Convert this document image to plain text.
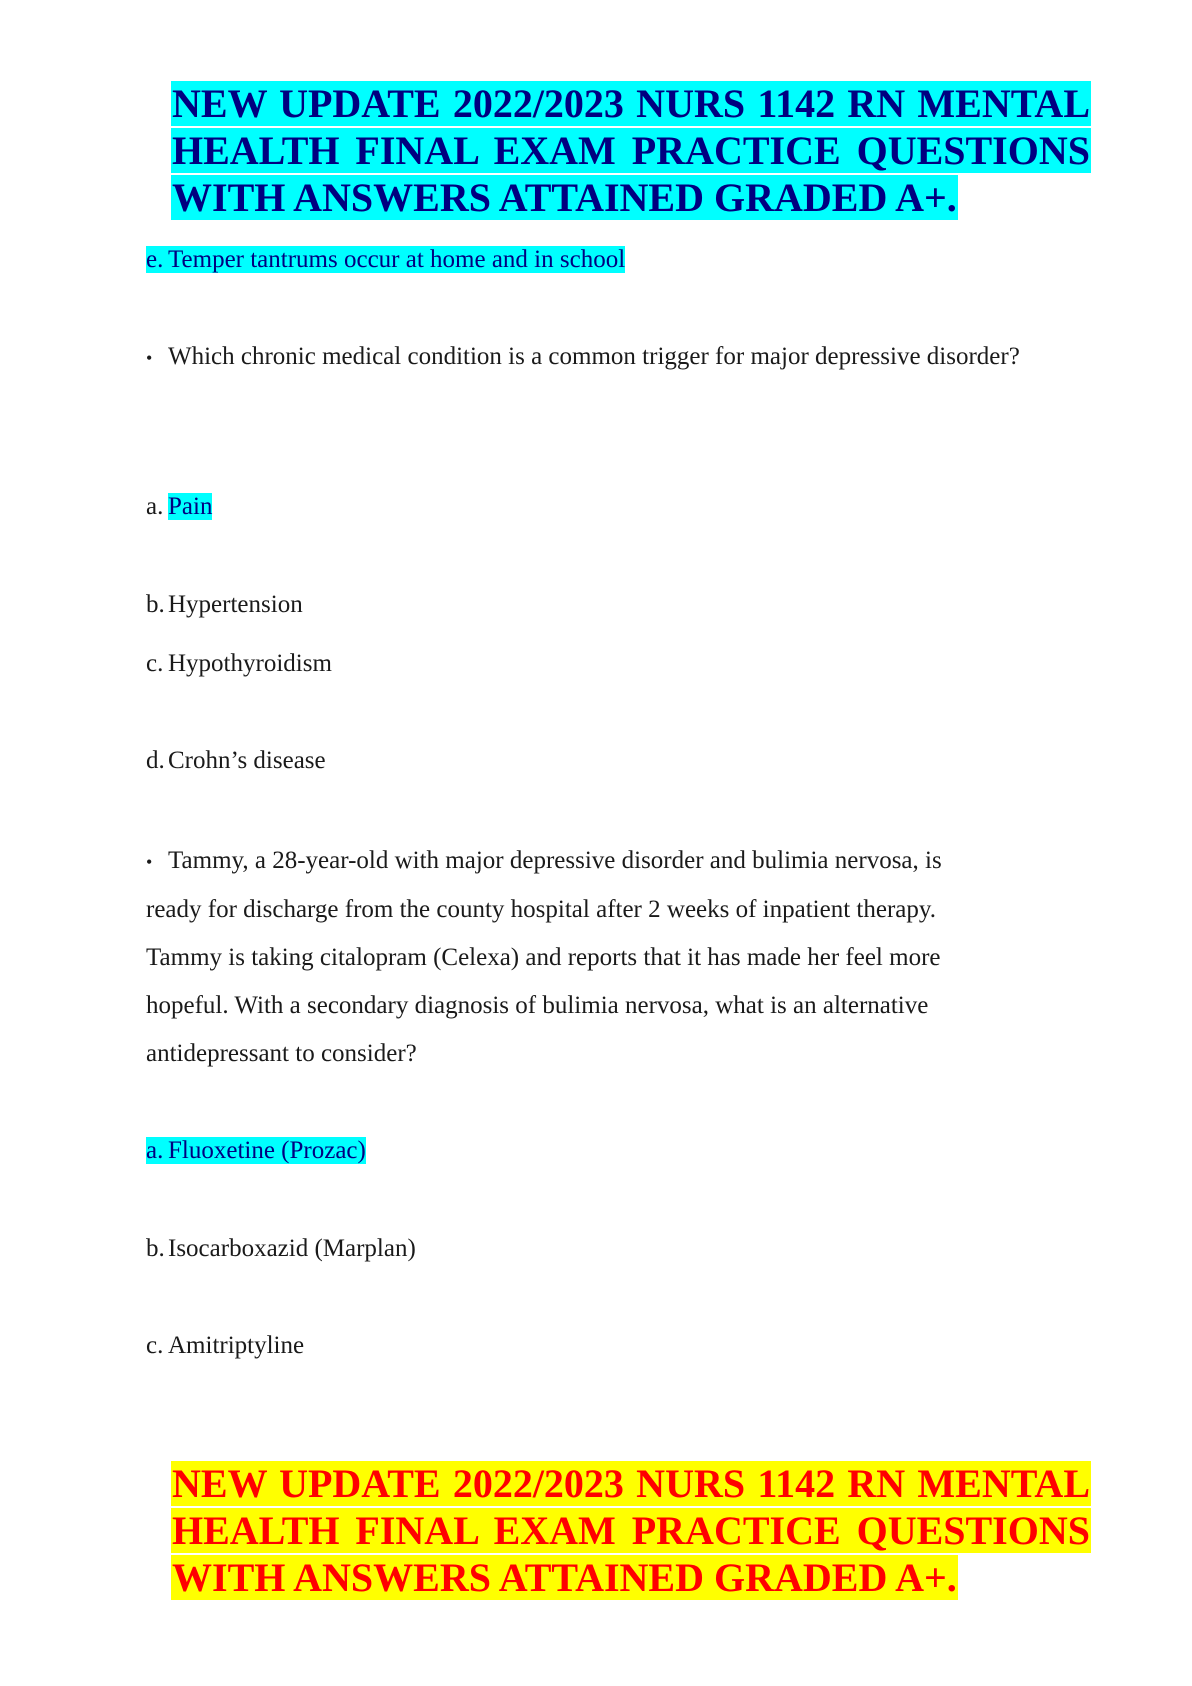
NEW UPDATE 2022/2023 NURS 1142 RN MENTAL HEALTH FINAL EXAM PRACTICE QUESTIONS WITH ANSWERS ATTAINED GRADED A+.
e. Temper tantrums occur at home and in school
• Which chronic medical condition is a common trigger for major depressive disorder?
a. Pain
b. Hypertension
c. Hypothyroidism
d. Crohn’s disease
• Tammy, a 28-year-old with major depressive disorder and bulimia nervosa, is ready for discharge from the county hospital after 2 weeks of inpatient therapy. Tammy is taking citalopram (Celexa) and reports that it has made her feel more hopeful. With a secondary diagnosis of bulimia nervosa, what is an alternative antidepressant to consider?
a. Fluoxetine (Prozac)
b. Isocarboxazid (Marplan)
c. Amitriptyline
NEW UPDATE 2022/2023 NURS 1142 RN MENTAL HEALTH FINAL EXAM PRACTICE QUESTIONS WITH ANSWERS ATTAINED GRADED A+.
